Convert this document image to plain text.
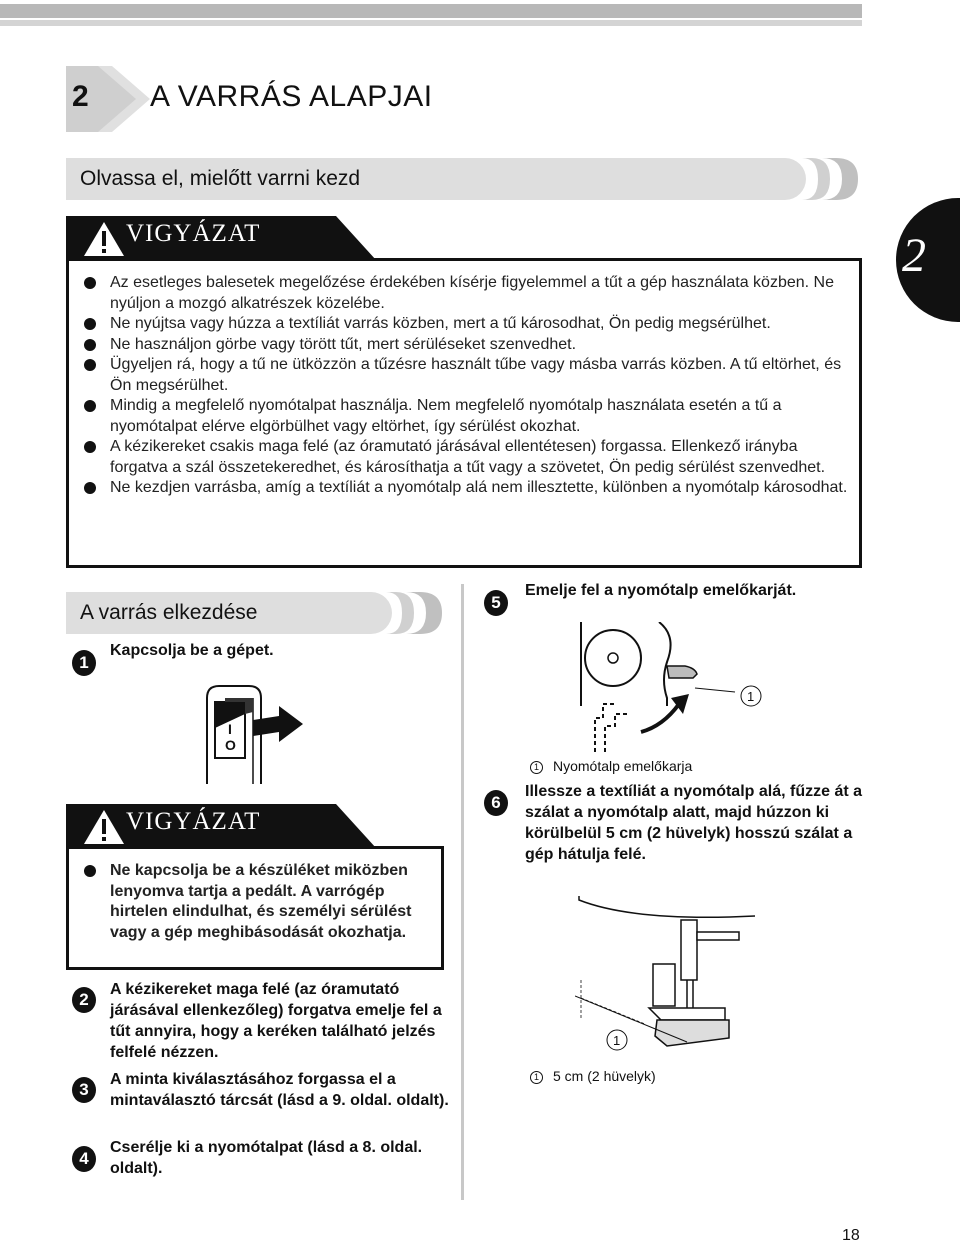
2 A VARRÁS ALAPJAI
Olvassa el, mielőtt varrni kezd
VIGYÁZAT
Az esetleges balesetek megelőzése érdekében kísérje figyelemmel a tűt a gép használata közben. Ne nyúljon a mozgó alkatrészek közelébe.
Ne nyújtsa vagy húzza a textíliát varrás közben, mert a tű károsodhat, Ön pedig megsérülhet.
Ne használjon görbe vagy törött tűt, mert sérüléseket szenvedhet.
Ügyeljen rá, hogy a tű ne ütközzön a tűzésre használt tűbe vagy másba varrás közben. A tű eltörhet, és Ön megsérülhet.
Mindig a megfelelő nyomótalpat használja. Nem megfelelő nyomótalp használata esetén a tű a nyomótalpat elérve elgörbülhet vagy eltörhet, így sérülést okozhat.
A kézikereket csakis maga felé (az óramutató járásával ellentétesen) forgassa. Ellenkező irányba forgatva a szál összetekeredhet, és károsíthatja a tűt vagy a szövetet, Ön pedig sérülést szenvedhet.
Ne kezdjen varrásba, amíg a textíliát a nyomótalp alá nem illesztette, különben a nyomótalp károsodhat.
2
A varrás elkezdése
1
Kapcsolja be a gépet.
I
O
VIGYÁZAT
Ne kapcsolja be a készüléket miközben lenyomva tartja a pedált. A varrógép hirtelen elindulhat, és személyi sérülést vagy a gép meghibásodását okozhatja.
2
A kézikereket maga felé (az óramutató járásával ellenkezőleg) forgatva emelje fel a tűt annyira, hogy a keréken található jelzés felfelé nézzen.
3
A minta kiválasztásához forgassa el a mintaválasztó tárcsát (lásd a 9. oldal. oldalt).
4
Cserélje ki a nyomótalpat (lásd a 8. oldal. oldalt).
5
Emelje fel a nyomótalp emelőkarját.
1
1 Nyomótalp emelőkarja
6
Illessze a textíliát a nyomótalp alá, fűzze át a szálat a nyomótalp alatt, majd húzzon ki körülbelül 5 cm (2 hüvelyk) hosszú szálat a gép hátulja felé.
1
1 5 cm (2 hüvelyk)
18
